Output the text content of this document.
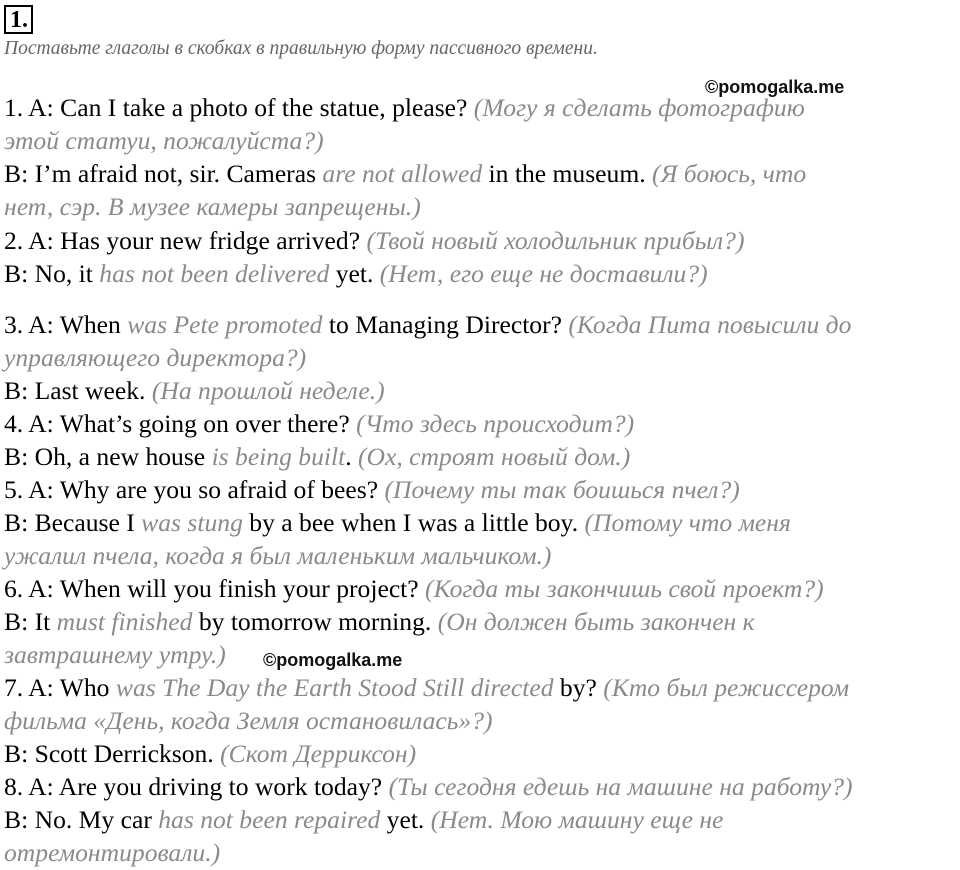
1.
Поставьте глаголы в скобках в правильную форму пассивного времени.
©pomogalka.me
©pomogalka.me
1. A: Can I take a photo of the statue, please? (Могу я сделать фотографию
этой статуи, пожалуйста?)
B: I’m afraid not, sir. Cameras are not allowed in the museum. (Я боюсь, что
нет, сэр. В музее камеры запрещены.)
2. A: Has your new fridge arrived? (Твой новый холодильник прибыл?)
B: No, it has not been delivered yet. (Нет, его еще не доставили?)
3. A: When was Pete promoted to Managing Director? (Когда Пита повысили до
управляющего директора?)
B: Last week. (На прошлой неделе.)
4. A: What’s going on over there? (Что здесь происходит?)
B: Oh, a new house is being built. (Ох, строят новый дом.)
5. A: Why are you so afraid of bees? (Почему ты так боишься пчел?)
B: Because I was stung by a bee when I was a little boy. (Потому что меня
ужалил пчела, когда я был маленьким мальчиком.)
6. A: When will you finish your project? (Когда ты закончишь свой проект?)
B: It must finished by tomorrow morning. (Он должен быть закончен к
завтрашнему утру.)
7. A: Who was The Day the Earth Stood Still directed by? (Кто был режиссером
фильма «День, когда Земля остановилась»?)
B: Scott Derrickson. (Скот Дерриксон)
8. A: Are you driving to work today? (Ты сегодня едешь на машине на работу?)
B: No. My car has not been repaired yet. (Нет. Мою машину еще не
отремонтировали.)
